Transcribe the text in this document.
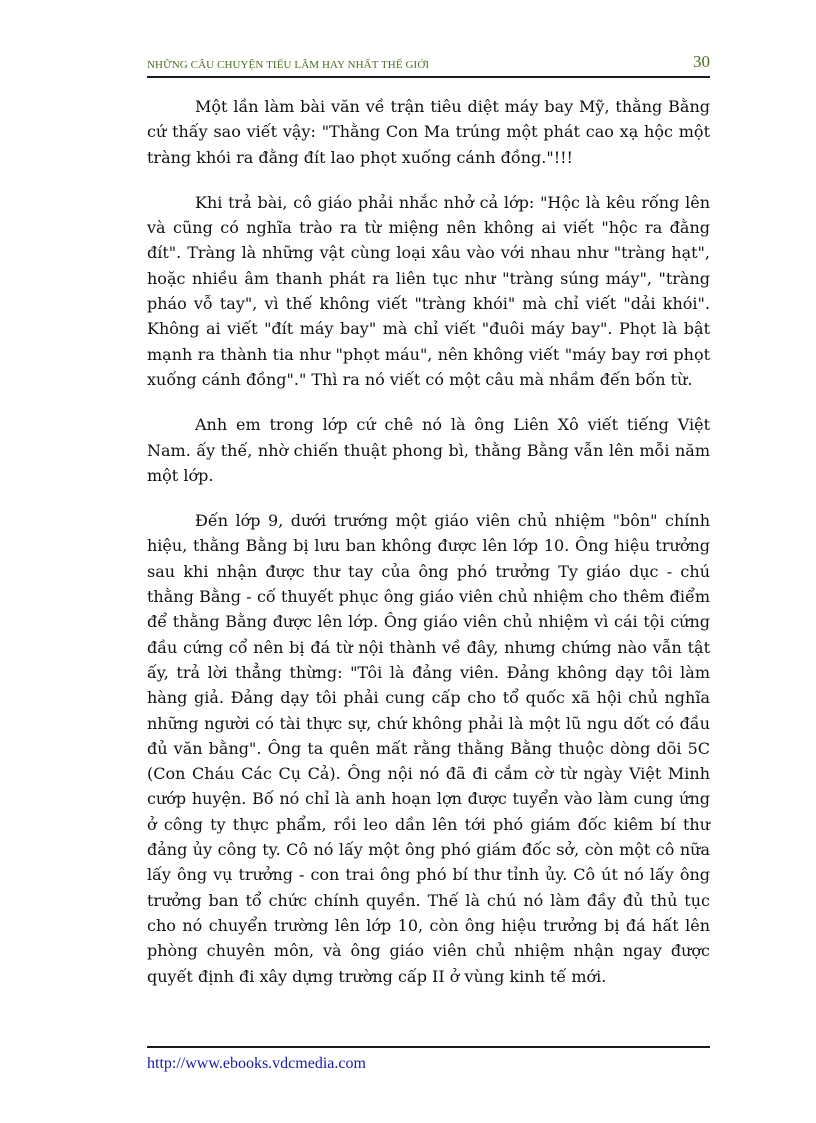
NHỮNG CÂU CHUYỆN TIẾU LÂM HAY NHẤT THẾ GIỚI	30

Một lần làm bài văn về trận tiêu diệt máy bay Mỹ, thằng Bằng cứ thấy sao viết vậy: "Thằng Con Ma trúng một phát cao xạ hộc một tràng khói ra đằng đít lao phọt xuống cánh đồng."!!!

Khi trả bài, cô giáo phải nhắc nhở cả lớp: "Hộc là kêu rống lên và cũng có nghĩa trào ra từ miệng nên không ai viết "hộc ra đằng đít". Tràng là những vật cùng loại xâu vào với nhau như "tràng hạt", hoặc nhiều âm thanh phát ra liên tục như "tràng súng máy", "tràng pháo vỗ tay", vì thế không viết "tràng khói" mà chỉ viết "dải khói". Không ai viết "đít máy bay" mà chỉ viết "đuôi máy bay". Phọt là bật mạnh ra thành tia như "phọt máu", nên không viết "máy bay rơi phọt xuống cánh đồng"." Thì ra nó viết có một câu mà nhầm đến bốn từ.

Anh em trong lớp cứ chê nó là ông Liên Xô viết tiếng Việt Nam. ấy thế, nhờ chiến thuật phong bì, thằng Bằng vẫn lên mỗi năm một lớp.

Đến lớp 9, dưới trướng một giáo viên chủ nhiệm "bôn" chính hiệu, thằng Bằng bị lưu ban không được lên lớp 10. Ông hiệu trưởng sau khi nhận được thư tay của ông phó trưởng Ty giáo dục - chú thằng Bằng - cố thuyết phục ông giáo viên chủ nhiệm cho thêm điểm để thằng Bằng được lên lớp. Ông giáo viên chủ nhiệm vì cái tội cứng đầu cứng cổ nên bị đá từ nội thành về đây, nhưng chứng nào vẫn tật ấy, trả lời thẳng thừng: "Tôi là đảng viên. Đảng không dạy tôi làm hàng giả. Đảng dạy tôi phải cung cấp cho tổ quốc xã hội chủ nghĩa những người có tài thực sự, chứ không phải là một lũ ngu dốt có đầu đủ văn bằng". Ông ta quên mất rằng thằng Bằng thuộc dòng dõi 5C (Con Cháu Các Cụ Cả). Ông nội nó đã đi cắm cờ từ ngày Việt Minh cướp huyện. Bố nó chỉ là anh hoạn lợn được tuyển vào làm cung ứng ở công ty thực phẩm, rồi leo dần lên tới phó giám đốc kiêm bí thư đảng ủy công ty. Cô nó lấy một ông phó giám đốc sở, còn một cô nữa lấy ông vụ trưởng - con trai ông phó bí thư tỉnh ủy. Cô út nó lấy ông trưởng ban tổ chức chính quyền. Thế là chú nó làm đầy đủ thủ tục cho nó chuyển trường lên lớp 10, còn ông hiệu trưởng bị đá hất lên phòng chuyên môn, và ông giáo viên chủ nhiệm nhận ngay được quyết định đi xây dựng trường cấp II ở vùng kinh tế mới.

http://www.ebooks.vdcmedia.com
